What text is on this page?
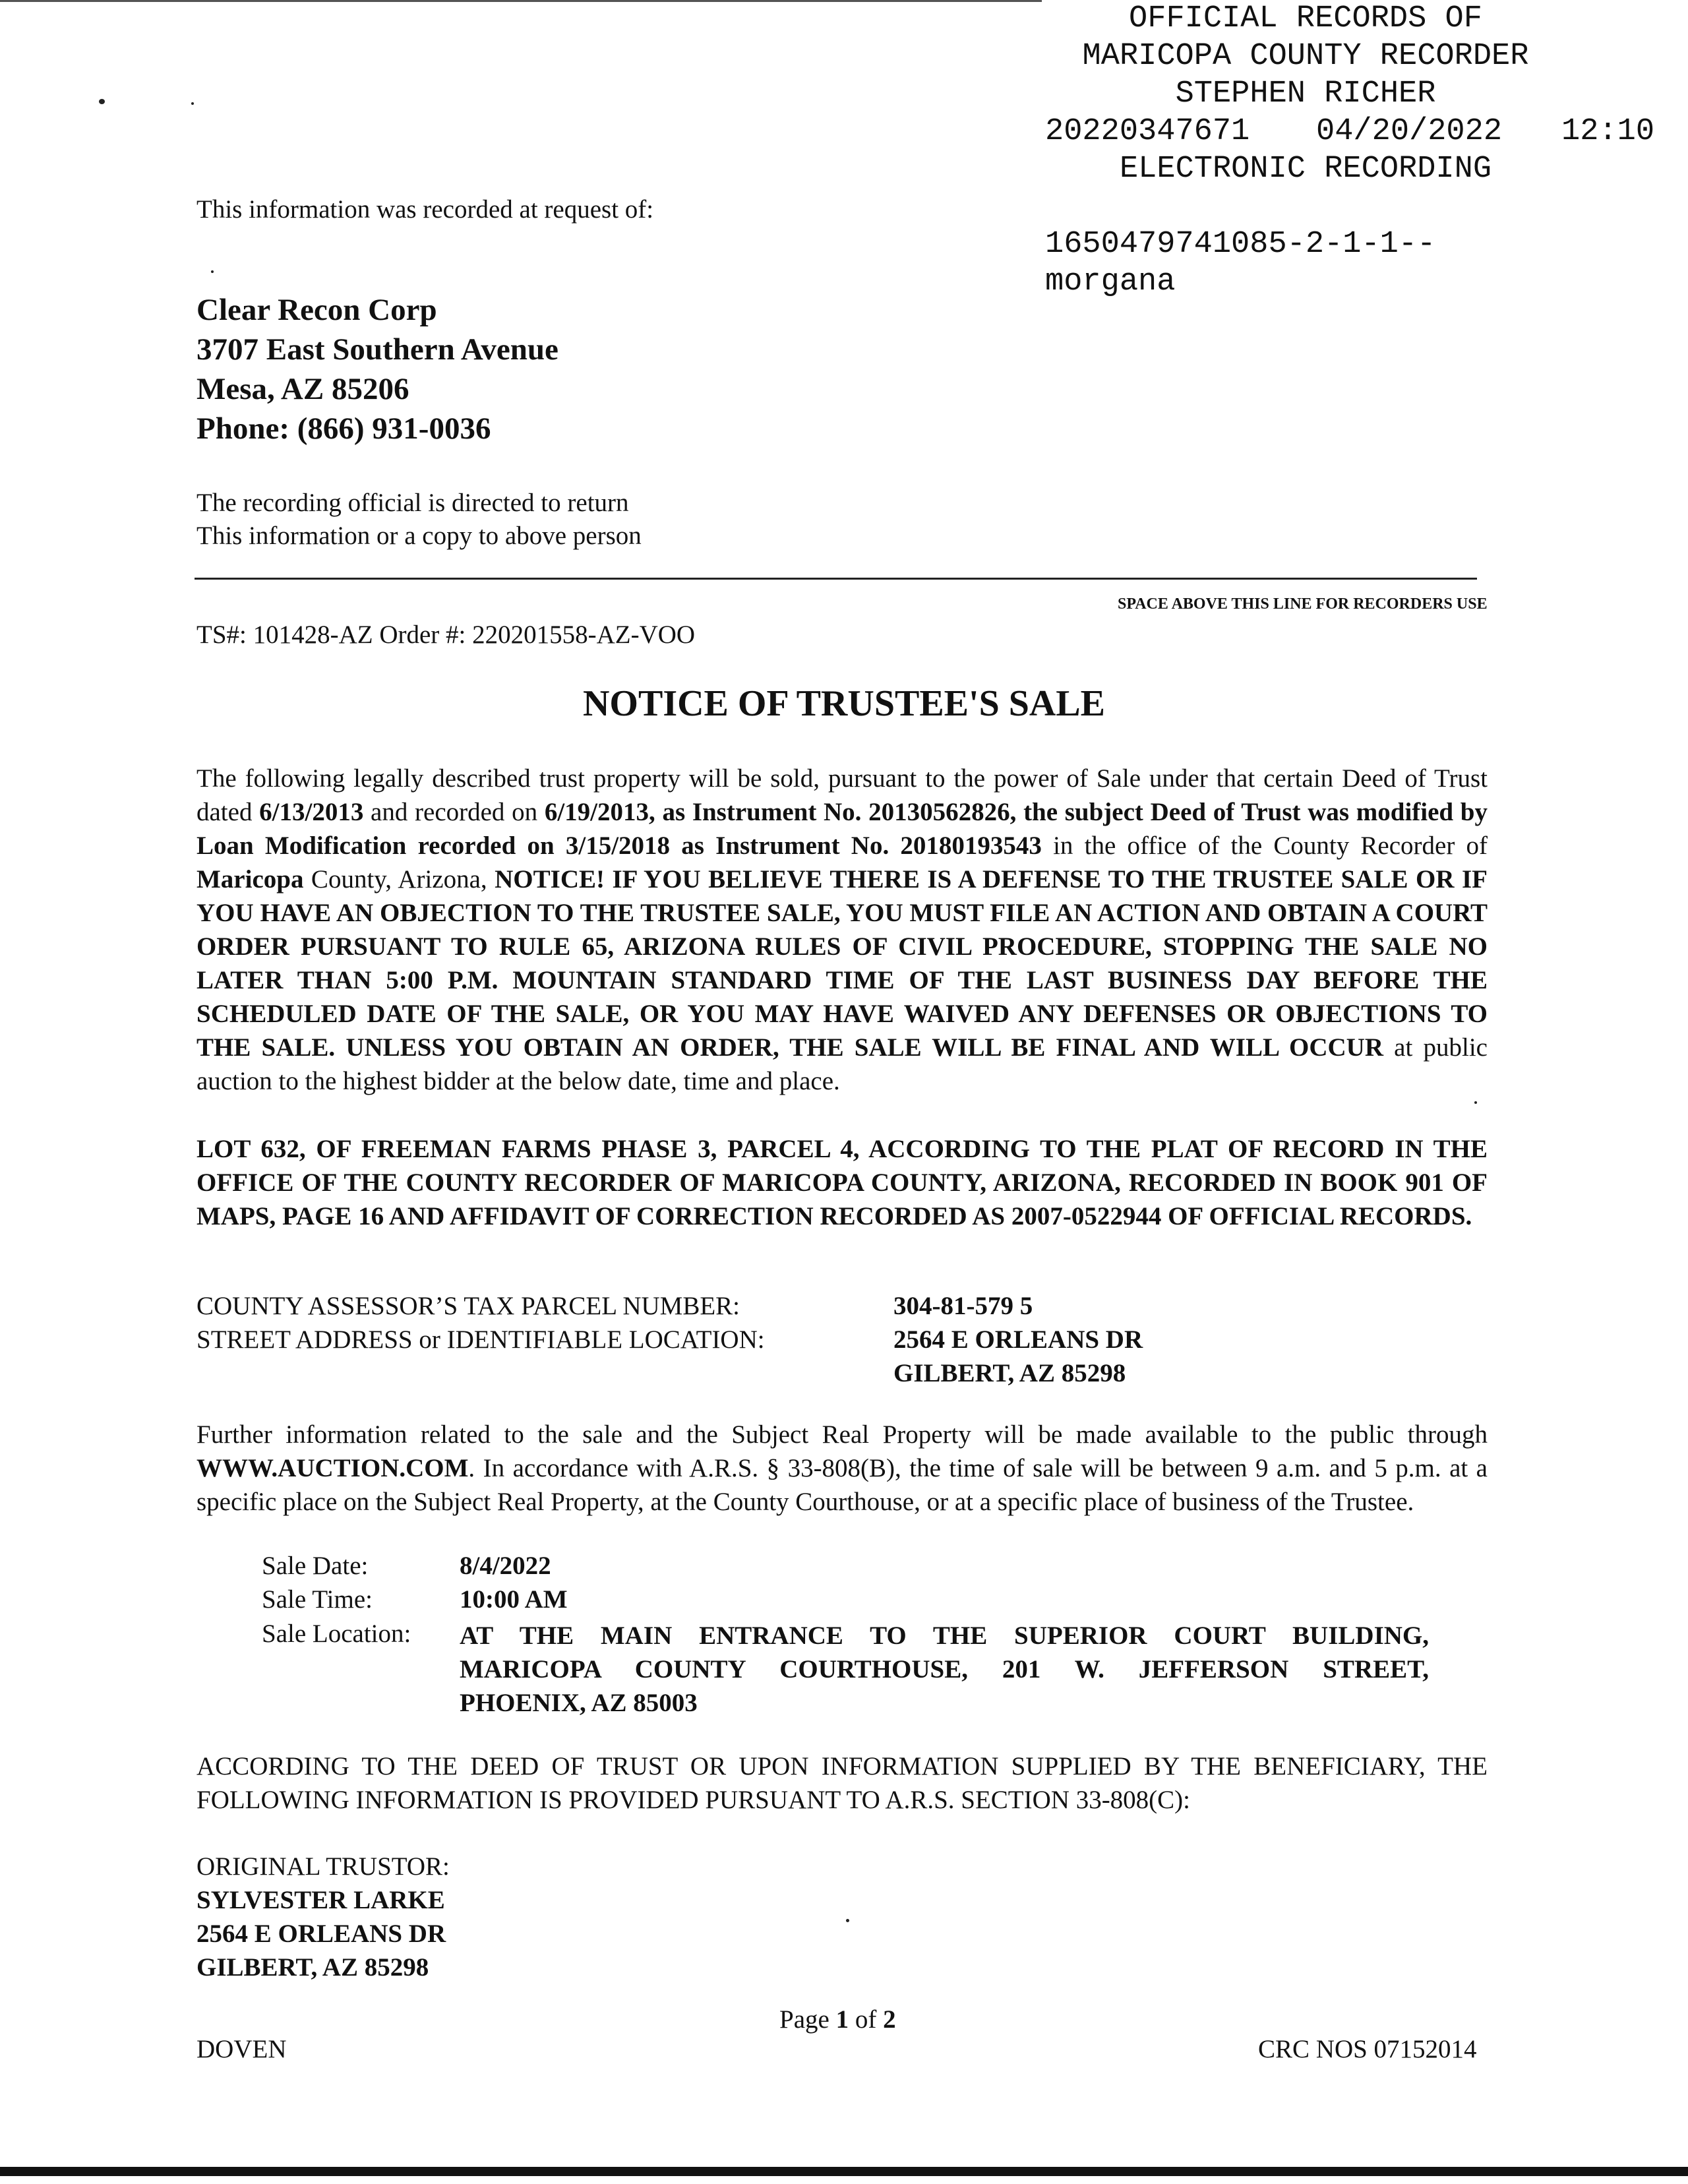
OFFICIAL RECORDS OF
MARICOPA COUNTY RECORDER
STEPHEN RICHER
20220347671 04/20/2022 12:10
ELECTRONIC RECORDING
1650479741085-2-1-1--
morgana
This information was recorded at request of:
Clear Recon Corp
3707 East Southern Avenue
Mesa, AZ 85206
Phone: (866) 931-0036
The recording official is directed to return
This information or a copy to above person
SPACE ABOVE THIS LINE FOR RECORDERS USE
TS#: 101428-AZ Order #: 220201558-AZ-VOO
NOTICE OF TRUSTEE'S SALE
The following legally described trust property will be sold, pursuant to the power of Sale under that certain Deed of Trust dated 6/13/2013 and recorded on 6/19/2013, as Instrument No. 20130562826, the subject Deed of Trust was modified by Loan Modification recorded on 3/15/2018 as Instrument No. 20180193543 in the office of the County Recorder of Maricopa County, Arizona, NOTICE! IF YOU BELIEVE THERE IS A DEFENSE TO THE TRUSTEE SALE OR IF YOU HAVE AN OBJECTION TO THE TRUSTEE SALE, YOU MUST FILE AN ACTION AND OBTAIN A COURT ORDER PURSUANT TO RULE 65, ARIZONA RULES OF CIVIL PROCEDURE, STOPPING THE SALE NO LATER THAN 5:00 P.M. MOUNTAIN STANDARD TIME OF THE LAST BUSINESS DAY BEFORE THE SCHEDULED DATE OF THE SALE, OR YOU MAY HAVE WAIVED ANY DEFENSES OR OBJECTIONS TO THE SALE. UNLESS YOU OBTAIN AN ORDER, THE SALE WILL BE FINAL AND WILL OCCUR at public auction to the highest bidder at the below date, time and place.
LOT 632, OF FREEMAN FARMS PHASE 3, PARCEL 4, ACCORDING TO THE PLAT OF RECORD IN THE OFFICE OF THE COUNTY RECORDER OF MARICOPA COUNTY, ARIZONA, RECORDED IN BOOK 901 OF MAPS, PAGE 16 AND AFFIDAVIT OF CORRECTION RECORDED AS 2007-0522944 OF OFFICIAL RECORDS.
COUNTY ASSESSOR’S TAX PARCEL NUMBER:
STREET ADDRESS or IDENTIFIABLE LOCATION:
304-81-579 5
2564 E ORLEANS DR
GILBERT, AZ 85298
Further information related to the sale and the Subject Real Property will be made available to the public through WWW.AUCTION.COM. In accordance with A.R.S. § 33-808(B), the time of sale will be between 9 a.m. and 5 p.m. at a specific place on the Subject Real Property, at the County Courthouse, or at a specific place of business of the Trustee.
Sale Date:	8/4/2022
Sale Time:	10:00 AM
Sale Location: AT THE MAIN ENTRANCE TO THE SUPERIOR COURT BUILDING,
MARICOPA COUNTY COURTHOUSE, 201 W. JEFFERSON STREET,
PHOENIX, AZ 85003
ACCORDING TO THE DEED OF TRUST OR UPON INFORMATION SUPPLIED BY THE BENEFICIARY, THE FOLLOWING INFORMATION IS PROVIDED PURSUANT TO A.R.S. SECTION 33-808(C):
ORIGINAL TRUSTOR:
SYLVESTER LARKE
2564 E ORLEANS DR
GILBERT, AZ 85298
DOVEN
Page 1 of 2
CRC NOS 07152014
